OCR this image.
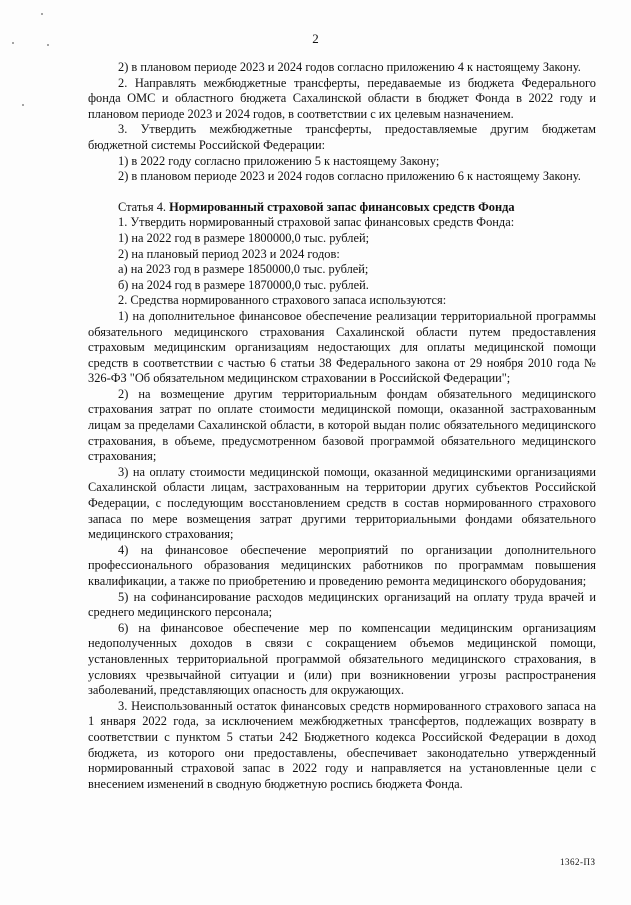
2

2) в плановом периоде 2023 и 2024 годов согласно приложению 4 к настоящему Закону.

2. Направлять межбюджетные трансферты, передаваемые из бюджета Федерального фонда ОМС и областного бюджета Сахалинской области в бюджет Фонда в 2022 году и плановом периоде 2023 и 2024 годов, в соответствии с их целевым назначением.

3. Утвердить межбюджетные трансферты, предоставляемые другим бюджетам бюджетной системы Российской Федерации:

1) в 2022 году согласно приложению 5 к настоящему Закону;

2) в плановом периоде 2023 и 2024 годов согласно приложению 6 к настоящему Закону.

Статья 4. Нормированный страховой запас финансовых средств Фонда

1. Утвердить нормированный страховой запас финансовых средств Фонда:

1) на 2022 год в размере 1800000,0 тыс. рублей;

2) на плановый период 2023 и 2024 годов:

а) на 2023 год в размере 1850000,0 тыс. рублей;

б) на 2024 год в размере 1870000,0 тыс. рублей.

2. Средства нормированного страхового запаса используются:

1) на дополнительное финансовое обеспечение реализации территориальной программы обязательного медицинского страхования Сахалинской области путем предоставления страховым медицинским организациям недостающих для оплаты медицинской помощи средств в соответствии с частью 6 статьи 38 Федерального закона от 29 ноября 2010 года № 326-ФЗ "Об обязательном медицинском страховании в Российской Федерации";

2) на возмещение другим территориальным фондам обязательного медицинского страхования затрат по оплате стоимости медицинской помощи, оказанной застрахованным лицам за пределами Сахалинской области, в которой выдан полис обязательного медицинского страхования, в объеме, предусмотренном базовой программой обязательного медицинского страхования;

3) на оплату стоимости медицинской помощи, оказанной медицинскими организациями Сахалинской области лицам, застрахованным на территории других субъектов Российской Федерации, с последующим восстановлением средств в состав нормированного страхового запаса по мере возмещения затрат другими территориальными фондами обязательного медицинского страхования;

4) на финансовое обеспечение мероприятий по организации дополнительного профессионального образования медицинских работников по программам повышения квалификации, а также по приобретению и проведению ремонта медицинского оборудования;

5) на софинансирование расходов медицинских организаций на оплату труда врачей и среднего медицинского персонала;

6) на финансовое обеспечение мер по компенсации медицинским организациям недополученных доходов в связи с сокращением объемов медицинской помощи, установленных территориальной программой обязательного медицинского страхования, в условиях чрезвычайной ситуации и (или) при возникновении угрозы распространения заболеваний, представляющих опасность для окружающих.

3. Неиспользованный остаток финансовых средств нормированного страхового запаса на 1 января 2022 года, за исключением межбюджетных трансфертов, подлежащих возврату в соответствии с пунктом 5 статьи 242 Бюджетного кодекса Российской Федерации в доход бюджета, из которого они предоставлены, обеспечивает законодательно утвержденный нормированный страховой запас в 2022 году и направляется на установленные цели с внесением изменений в сводную бюджетную роспись бюджета Фонда.

1362-ПЗ
